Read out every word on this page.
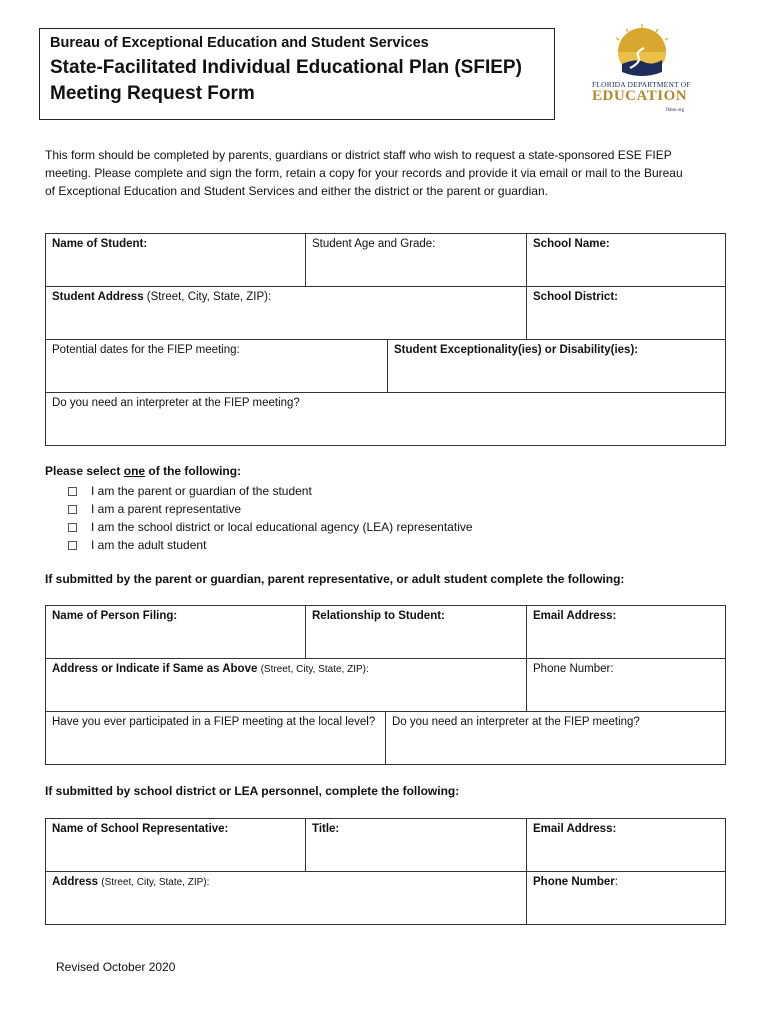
Bureau of Exceptional Education and Student Services

State-Facilitated Individual Educational Plan (SFIEP)

Meeting Request Form	FLORIDA DEPARTMENT OF
EDUCATION
fldoe.org

This form should be completed by parents, guardians or district staff who wish to request a state-sponsored ESE FIEP meeting. Please complete and sign the form, retain a copy for your records and provide it via email or mail to the Bureau of Exceptional Education and Student Services and either the district or the parent or guardian.

Name of Student:	Student Age and Grade:		School Name:
Student Address (Street, City, State, ZIP):			School District:
Potential dates for the FIEP meeting:		Student Exceptionality(ies) or Disability(ies):	
Do you need an interpreter at the FIEP meeting?			
Please select one of the following:
I am the parent or guardian of the student
I am a parent representative
I am the school district or local educational agency (LEA) representative
I am the adult student
If submitted by the parent or guardian, parent representative, or adult student complete the following:
Name of Person Filing:	Relationship to Student:		Email Address:
Address or Indicate if Same as Above (Street, City, State, ZIP):			Phone Number:
Have you ever participated in a FIEP meeting at the local level?		Do you need an interpreter at the FIEP meeting?	
If submitted by school district or LEA personnel, complete the following:
Name of School Representative:	Title:	Email Address:
Address (Street, City, State, ZIP):		Phone Number:
Revised October 2020
